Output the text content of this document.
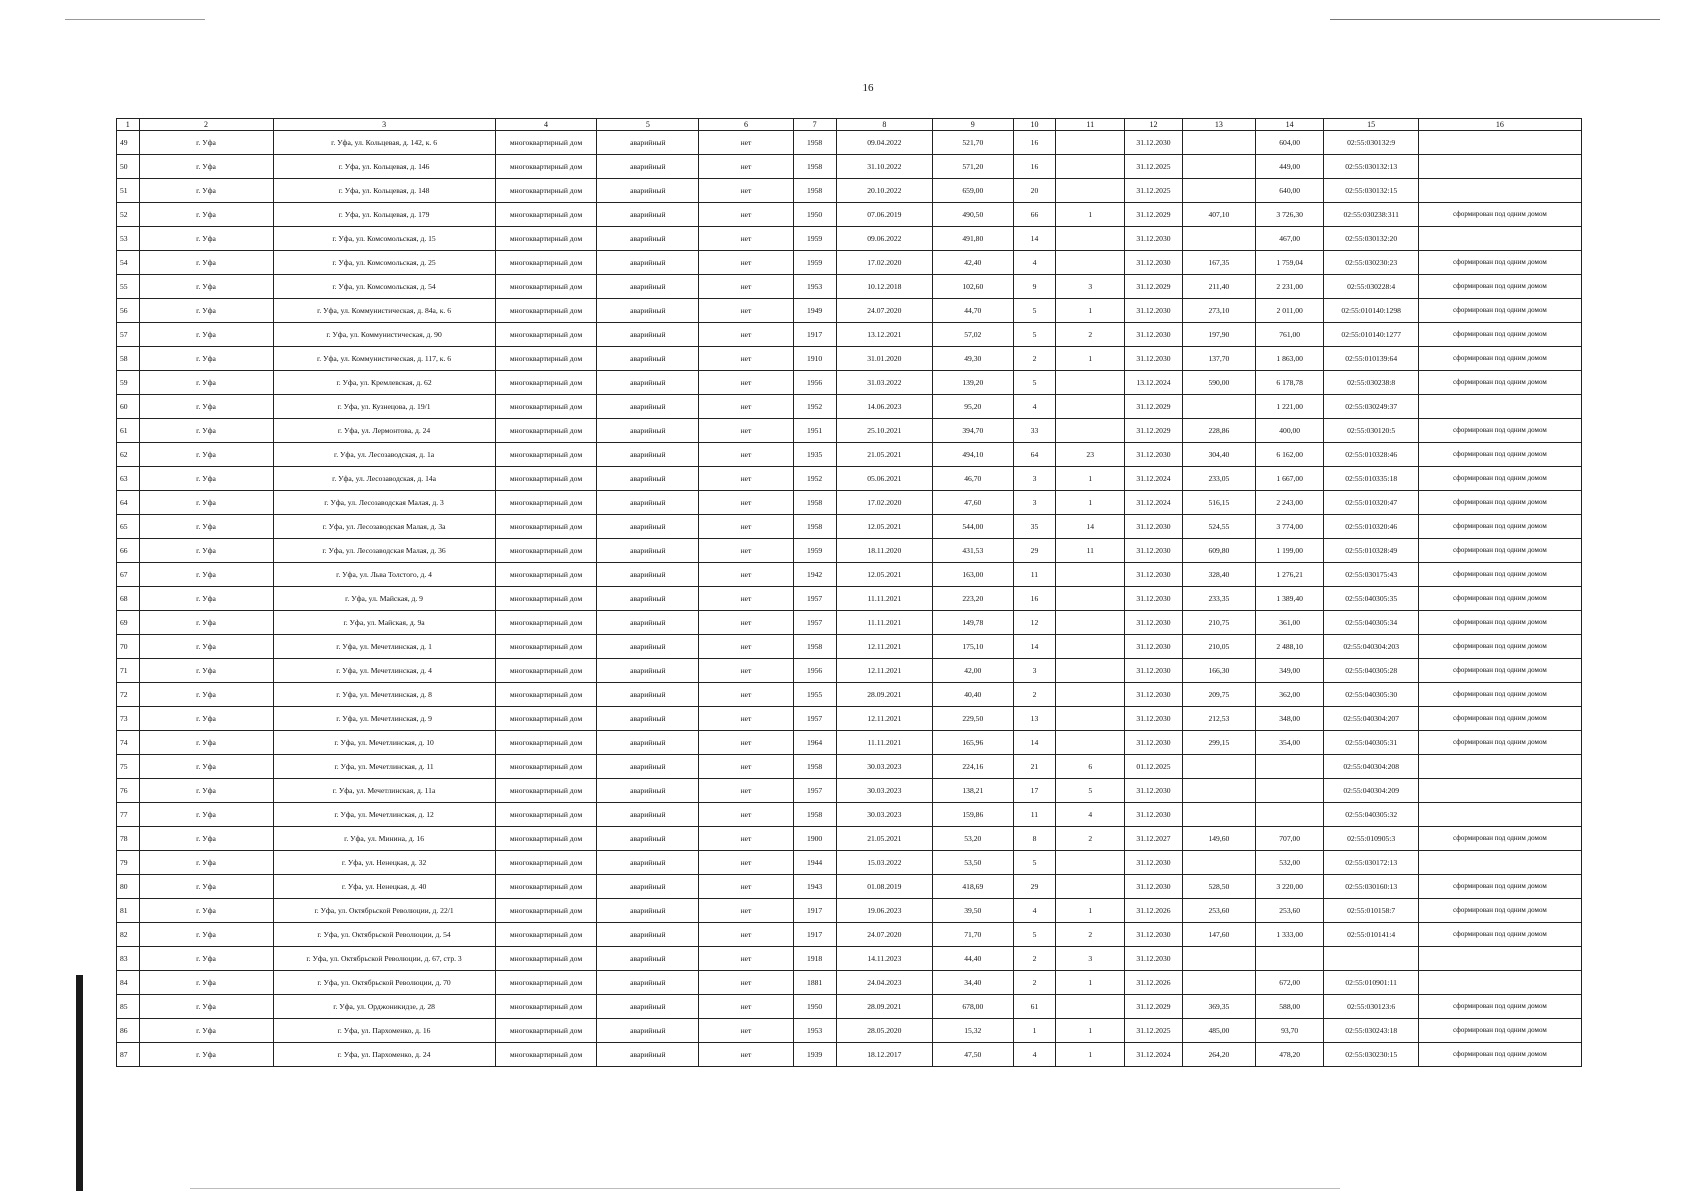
16
1	2	3	4	5	6	7	8	9	10	11	12	13	14	15	16
49	г. Уфа	г. Уфа, ул. Кольцевая, д. 142, к. 6	многоквартирный дом	аварийный	нет	1958	09.04.2022	521,70	16		31.12.2030		604,00	02:55:030132:9	
50	г. Уфа	г. Уфа, ул. Кольцевая, д. 146	многоквартирный дом	аварийный	нет	1958	31.10.2022	571,20	16		31.12.2025		449,00	02:55:030132:13	
51	г. Уфа	г. Уфа, ул. Кольцевая, д. 148	многоквартирный дом	аварийный	нет	1958	20.10.2022	659,00	20		31.12.2025		640,00	02:55:030132:15	
52	г. Уфа	г. Уфа, ул. Кольцевая, д. 179	многоквартирный дом	аварийный	нет	1950	07.06.2019	490,50	66	1	31.12.2029	407,10	3 726,30	02:55:030238:311	сформирован под одним домом
53	г. Уфа	г. Уфа, ул. Комсомольская, д. 15	многоквартирный дом	аварийный	нет	1959	09.06.2022	491,80	14		31.12.2030		467,00	02:55:030132:20	
54	г. Уфа	г. Уфа, ул. Комсомольская, д. 25	многоквартирный дом	аварийный	нет	1959	17.02.2020	42,40	4		31.12.2030	167,35	1 759,04	02:55:030230:23	сформирован под одним домом
55	г. Уфа	г. Уфа, ул. Комсомольская, д. 54	многоквартирный дом	аварийный	нет	1953	10.12.2018	102,60	9	3	31.12.2029	211,40	2 231,00	02:55:030228:4	сформирован под одним домом
56	г. Уфа	г. Уфа, ул. Коммунистическая, д. 84а, к. 6	многоквартирный дом	аварийный	нет	1949	24.07.2020	44,70	5	1	31.12.2030	273,10	2 011,00	02:55:010140:1298	сформирован под одним домом
57	г. Уфа	г. Уфа, ул. Коммунистическая, д. 90	многоквартирный дом	аварийный	нет	1917	13.12.2021	57,02	5	2	31.12.2030	197,90	761,00	02:55:010140:1277	сформирован под одним домом
58	г. Уфа	г. Уфа, ул. Коммунистическая, д. 117, к. 6	многоквартирный дом	аварийный	нет	1910	31.01.2020	49,30	2	1	31.12.2030	137,70	1 863,00	02:55:010139:64	сформирован под одним домом
59	г. Уфа	г. Уфа, ул. Кремлевская, д. 62	многоквартирный дом	аварийный	нет	1956	31.03.2022	139,20	5		13.12.2024	590,00	6 178,78	02:55:030238:8	сформирован под одним домом
60	г. Уфа	г. Уфа, ул. Кузнецова, д. 19/1	многоквартирный дом	аварийный	нет	1952	14.06.2023	95,20	4		31.12.2029		1 221,00	02:55:030249:37	
61	г. Уфа	г. Уфа, ул. Лермонтова, д. 24	многоквартирный дом	аварийный	нет	1951	25.10.2021	394,70	33		31.12.2029	228,86	400,00	02:55:030120:5	сформирован под одним домом
62	г. Уфа	г. Уфа, ул. Лесозаводская, д. 1а	многоквартирный дом	аварийный	нет	1935	21.05.2021	494,10	64	23	31.12.2030	304,40	6 162,00	02:55:010328:46	сформирован под одним домом
63	г. Уфа	г. Уфа, ул. Лесозаводская, д. 14а	многоквартирный дом	аварийный	нет	1952	05.06.2021	46,70	3	1	31.12.2024	233,05	1 667,00	02:55:010335:18	сформирован под одним домом
64	г. Уфа	г. Уфа, ул. Лесозаводская Малая, д. 3	многоквартирный дом	аварийный	нет	1958	17.02.2020	47,60	3	1	31.12.2024	516,15	2 243,00	02:55:010320:47	сформирован под одним домом
65	г. Уфа	г. Уфа, ул. Лесозаводская Малая, д. 3а	многоквартирный дом	аварийный	нет	1958	12.05.2021	544,00	35	14	31.12.2030	524,55	3 774,00	02:55:010320:46	сформирован под одним домом
66	г. Уфа	г. Уфа, ул. Лесозаводская Малая, д. 36	многоквартирный дом	аварийный	нет	1959	18.11.2020	431,53	29	11	31.12.2030	609,80	1 199,00	02:55:010328:49	сформирован под одним домом
67	г. Уфа	г. Уфа, ул. Льва Толстого, д. 4	многоквартирный дом	аварийный	нет	1942	12.05.2021	163,00	11		31.12.2030	328,40	1 276,21	02:55:030175:43	сформирован под одним домом
68	г. Уфа	г. Уфа, ул. Майская, д. 9	многоквартирный дом	аварийный	нет	1957	11.11.2021	223,20	16		31.12.2030	233,35	1 389,40	02:55:040305:35	сформирован под одним домом
69	г. Уфа	г. Уфа, ул. Майская, д. 9а	многоквартирный дом	аварийный	нет	1957	11.11.2021	149,78	12		31.12.2030	210,75	361,00	02:55:040305:34	сформирован под одним домом
70	г. Уфа	г. Уфа, ул. Мечетлинская, д. 1	многоквартирный дом	аварийный	нет	1958	12.11.2021	175,10	14		31.12.2030	210,05	2 488,10	02:55:040304:203	сформирован под одним домом
71	г. Уфа	г. Уфа, ул. Мечетлинская, д. 4	многоквартирный дом	аварийный	нет	1956	12.11.2021	42,00	3		31.12.2030	166,30	349,00	02:55:040305:28	сформирован под одним домом
72	г. Уфа	г. Уфа, ул. Мечетлинская, д. 8	многоквартирный дом	аварийный	нет	1955	28.09.2021	40,40	2		31.12.2030	209,75	362,00	02:55:040305:30	сформирован под одним домом
73	г. Уфа	г. Уфа, ул. Мечетлинская, д. 9	многоквартирный дом	аварийный	нет	1957	12.11.2021	229,50	13		31.12.2030	212,53	348,00	02:55:040304:207	сформирован под одним домом
74	г. Уфа	г. Уфа, ул. Мечетлинская, д. 10	многоквартирный дом	аварийный	нет	1964	11.11.2021	165,96	14		31.12.2030	299,15	354,00	02:55:040305:31	сформирован под одним домом
75	г. Уфа	г. Уфа, ул. Мечетлинская, д. 11	многоквартирный дом	аварийный	нет	1958	30.03.2023	224,16	21	6	01.12.2025			02:55:040304:208	
76	г. Уфа	г. Уфа, ул. Мечетлинская, д. 11а	многоквартирный дом	аварийный	нет	1957	30.03.2023	138,21	17	5	31.12.2030			02:55:040304:209	
77	г. Уфа	г. Уфа, ул. Мечетлинская, д. 12	многоквартирный дом	аварийный	нет	1958	30.03.2023	159,86	11	4	31.12.2030			02:55:040305:32	
78	г. Уфа	г. Уфа, ул. Минина, д. 16	многоквартирный дом	аварийный	нет	1900	21.05.2021	53,20	8	2	31.12.2027	149,60	707,00	02:55:010905:3	сформирован под одним домом
79	г. Уфа	г. Уфа, ул. Ненецкая, д. 32	многоквартирный дом	аварийный	нет	1944	15.03.2022	53,50	5		31.12.2030		532,00	02:55:030172:13	
80	г. Уфа	г. Уфа, ул. Ненецкая, д. 40	многоквартирный дом	аварийный	нет	1943	01.08.2019	418,69	29		31.12.2030	528,50	3 220,00	02:55:030160:13	сформирован под одним домом
81	г. Уфа	г. Уфа, ул. Октябрьской Революции, д. 22/1	многоквартирный дом	аварийный	нет	1917	19.06.2023	39,50	4	1	31.12.2026	253,60	253,60	02:55:010158:7	сформирован под одним домом
82	г. Уфа	г. Уфа, ул. Октябрьской Революции, д. 54	многоквартирный дом	аварийный	нет	1917	24.07.2020	71,70	5	2	31.12.2030	147,60	1 333,00	02:55:010141:4	сформирован под одним домом
83	г. Уфа	г. Уфа, ул. Октябрьской Революции, д. 67, стр. 3	многоквартирный дом	аварийный	нет	1918	14.11.2023	44,40	2	3	31.12.2030				
84	г. Уфа	г. Уфа, ул. Октябрьской Революции, д. 70	многоквартирный дом	аварийный	нет	1881	24.04.2023	34,40	2	1	31.12.2026		672,00	02:55:010901:11	
85	г. Уфа	г. Уфа, ул. Орджоникидзе, д. 28	многоквартирный дом	аварийный	нет	1950	28.09.2021	678,00	61		31.12.2029	369,35	588,00	02:55:030123:6	сформирован под одним домом
86	г. Уфа	г. Уфа, ул. Пархоменко, д. 16	многоквартирный дом	аварийный	нет	1953	28.05.2020	15,32	1	1	31.12.2025	485,00	93,70	02:55:030243:18	сформирован под одним домом
87	г. Уфа	г. Уфа, ул. Пархоменко, д. 24	многоквартирный дом	аварийный	нет	1939	18.12.2017	47,50	4	1	31.12.2024	264,20	478,20	02:55:030230:15	сформирован под одним домом
